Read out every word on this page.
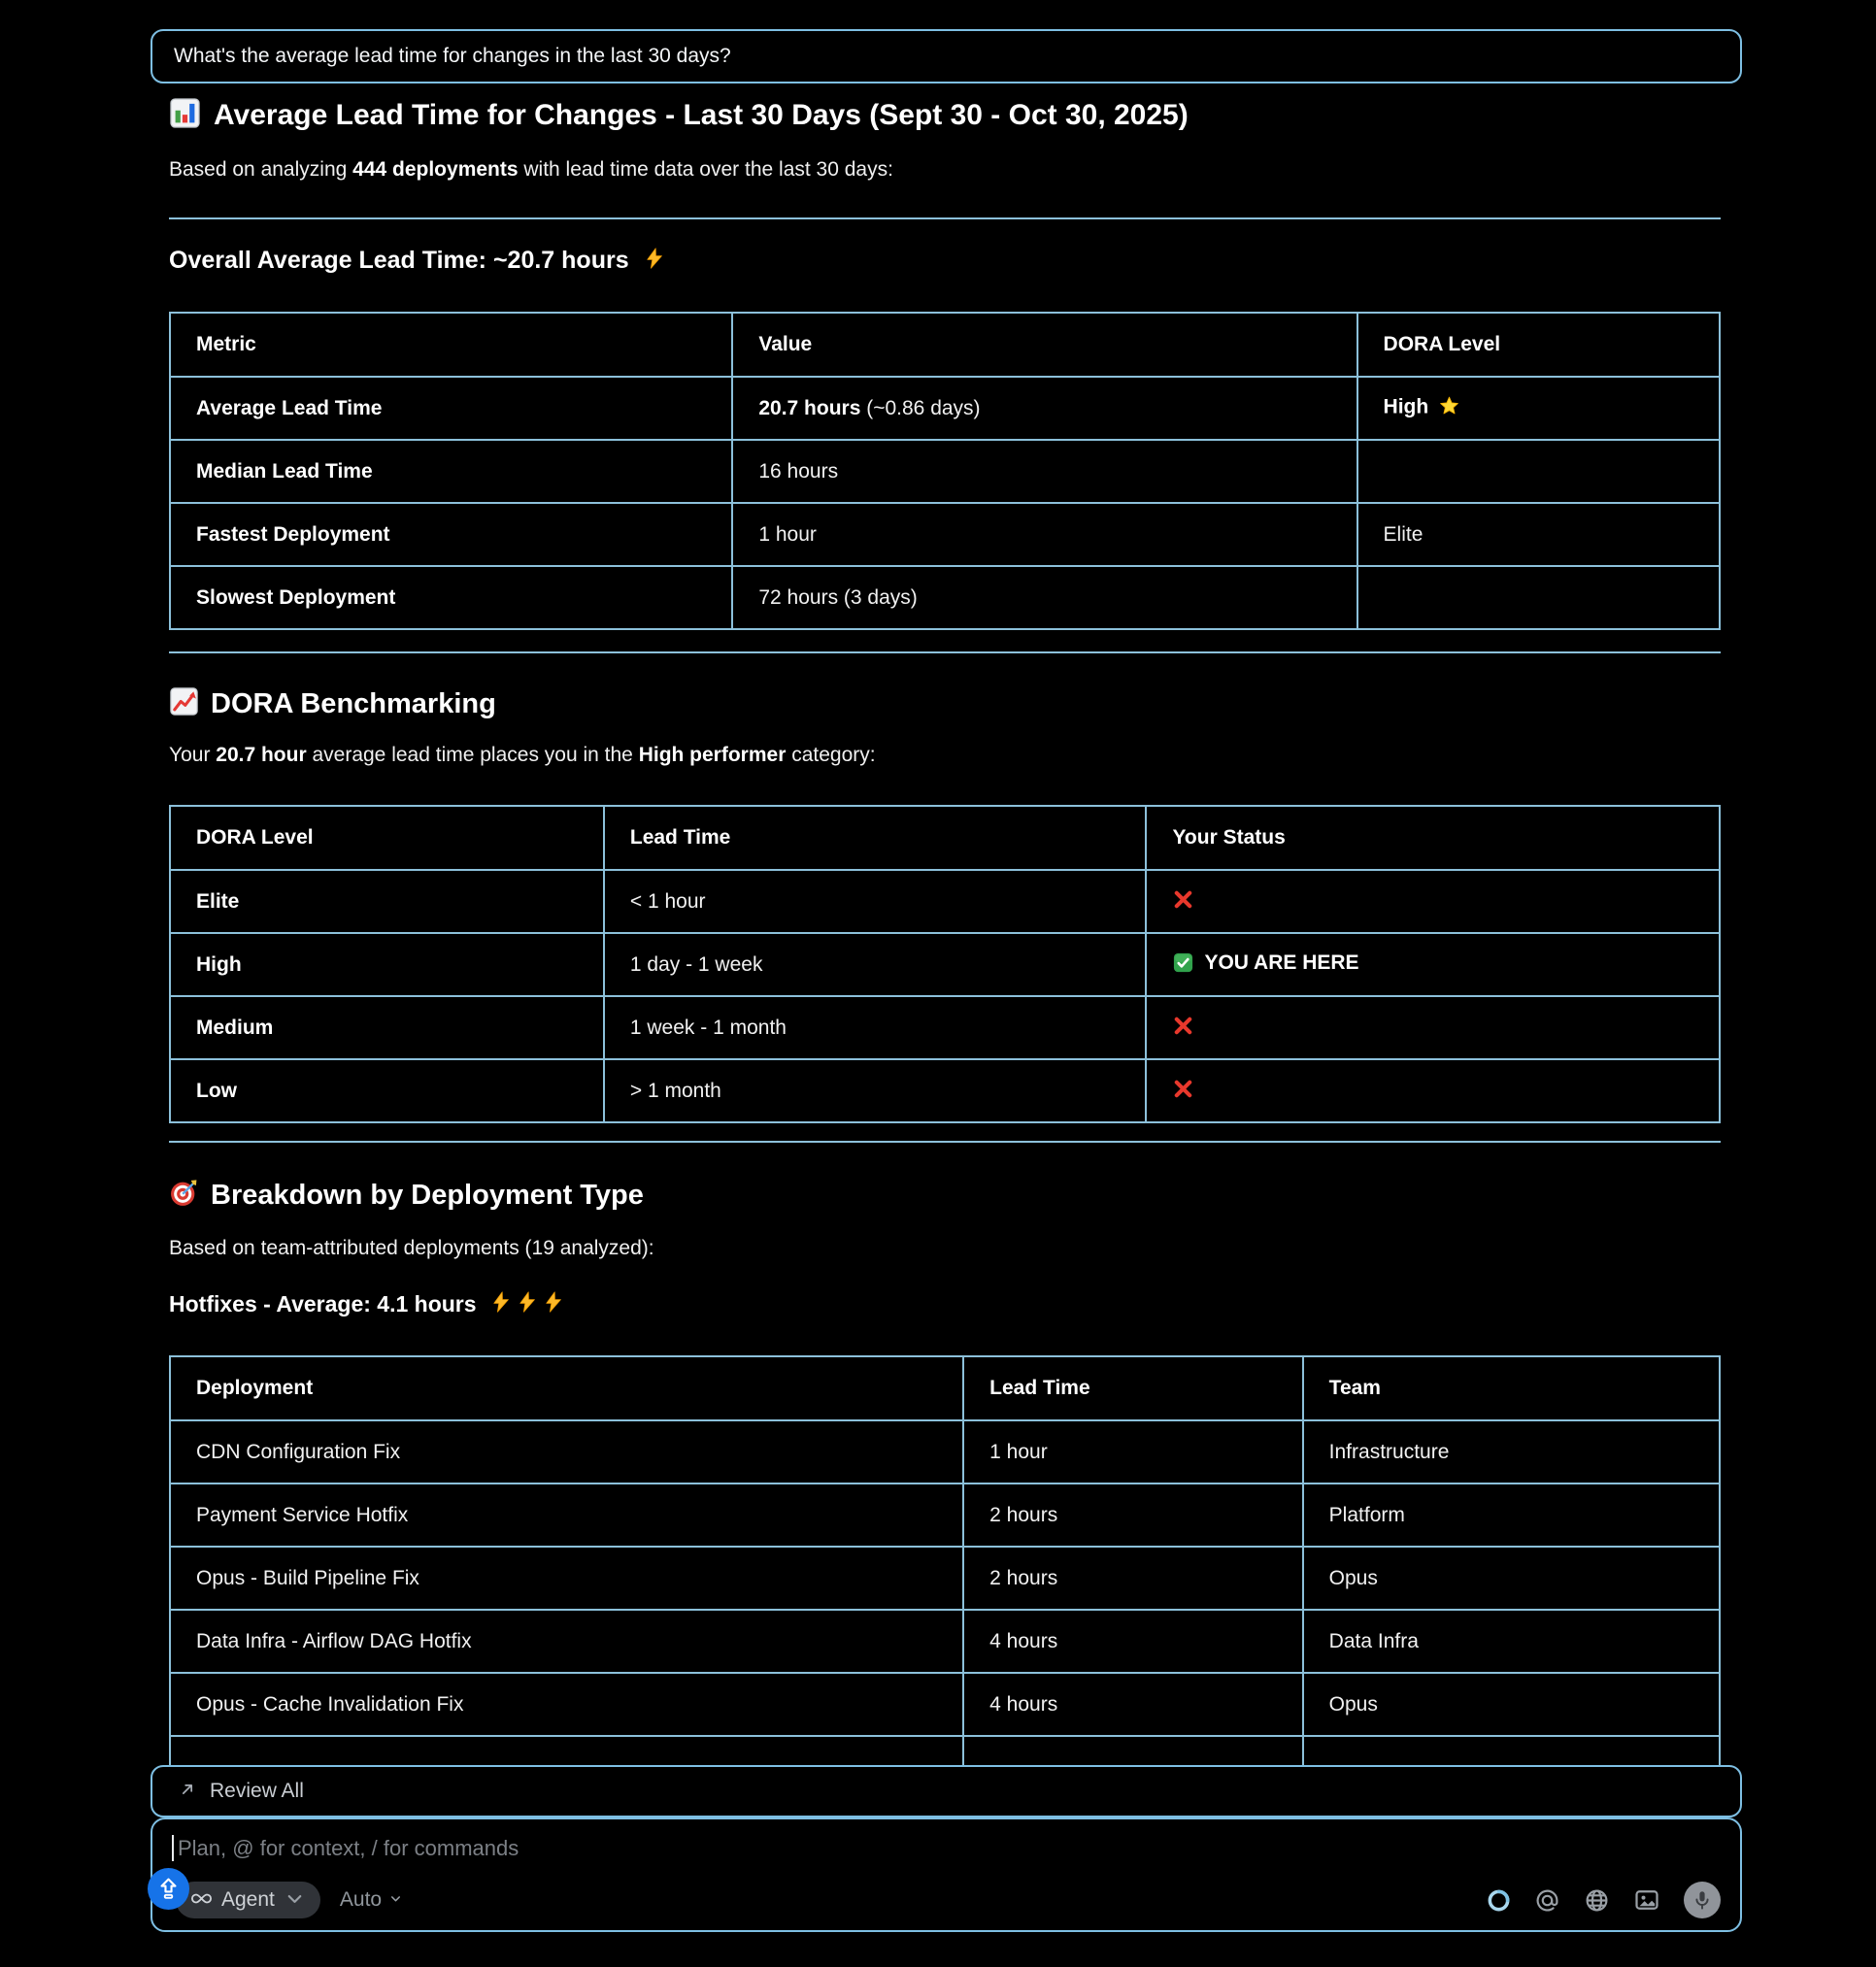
What's the average lead time for changes in the last 30 days?
Average Lead Time for Changes - Last 30 Days (Sept 30 - Oct 30, 2025)

Based on analyzing 444 deployments with lead time data over the last 30 days:

Overall Average Lead Time: ~20.7 hours
Metric	Value	DORA Level
Average Lead Time	20.7 hours (~0.86 days)	High
Median Lead Time	16 hours	
Fastest Deployment	1 hour	Elite
Slowest Deployment	72 hours (3 days)	
DORA Benchmarking

Your 20.7 hour average lead time places you in the High performer category:

DORA Level	Lead Time	Your Status
Elite	< 1 hour	
High	1 day - 1 week	YOU ARE HERE
Medium	1 week - 1 month	
Low	> 1 month	
Breakdown by Deployment Type

Based on team-attributed deployments (19 analyzed):

Hotfixes - Average: 4.1 hours
Deployment	Lead Time	Team
CDN Configuration Fix	1 hour	Infrastructure
Payment Service Hotfix	2 hours	Platform
Opus - Build Pipeline Fix	2 hours	Opus
Data Infra - Airflow DAG Hotfix	4 hours	Data Infra
Opus - Cache Invalidation Fix	4 hours	Opus

Review All
Plan, @ for context, / for commands
Agent	Auto
